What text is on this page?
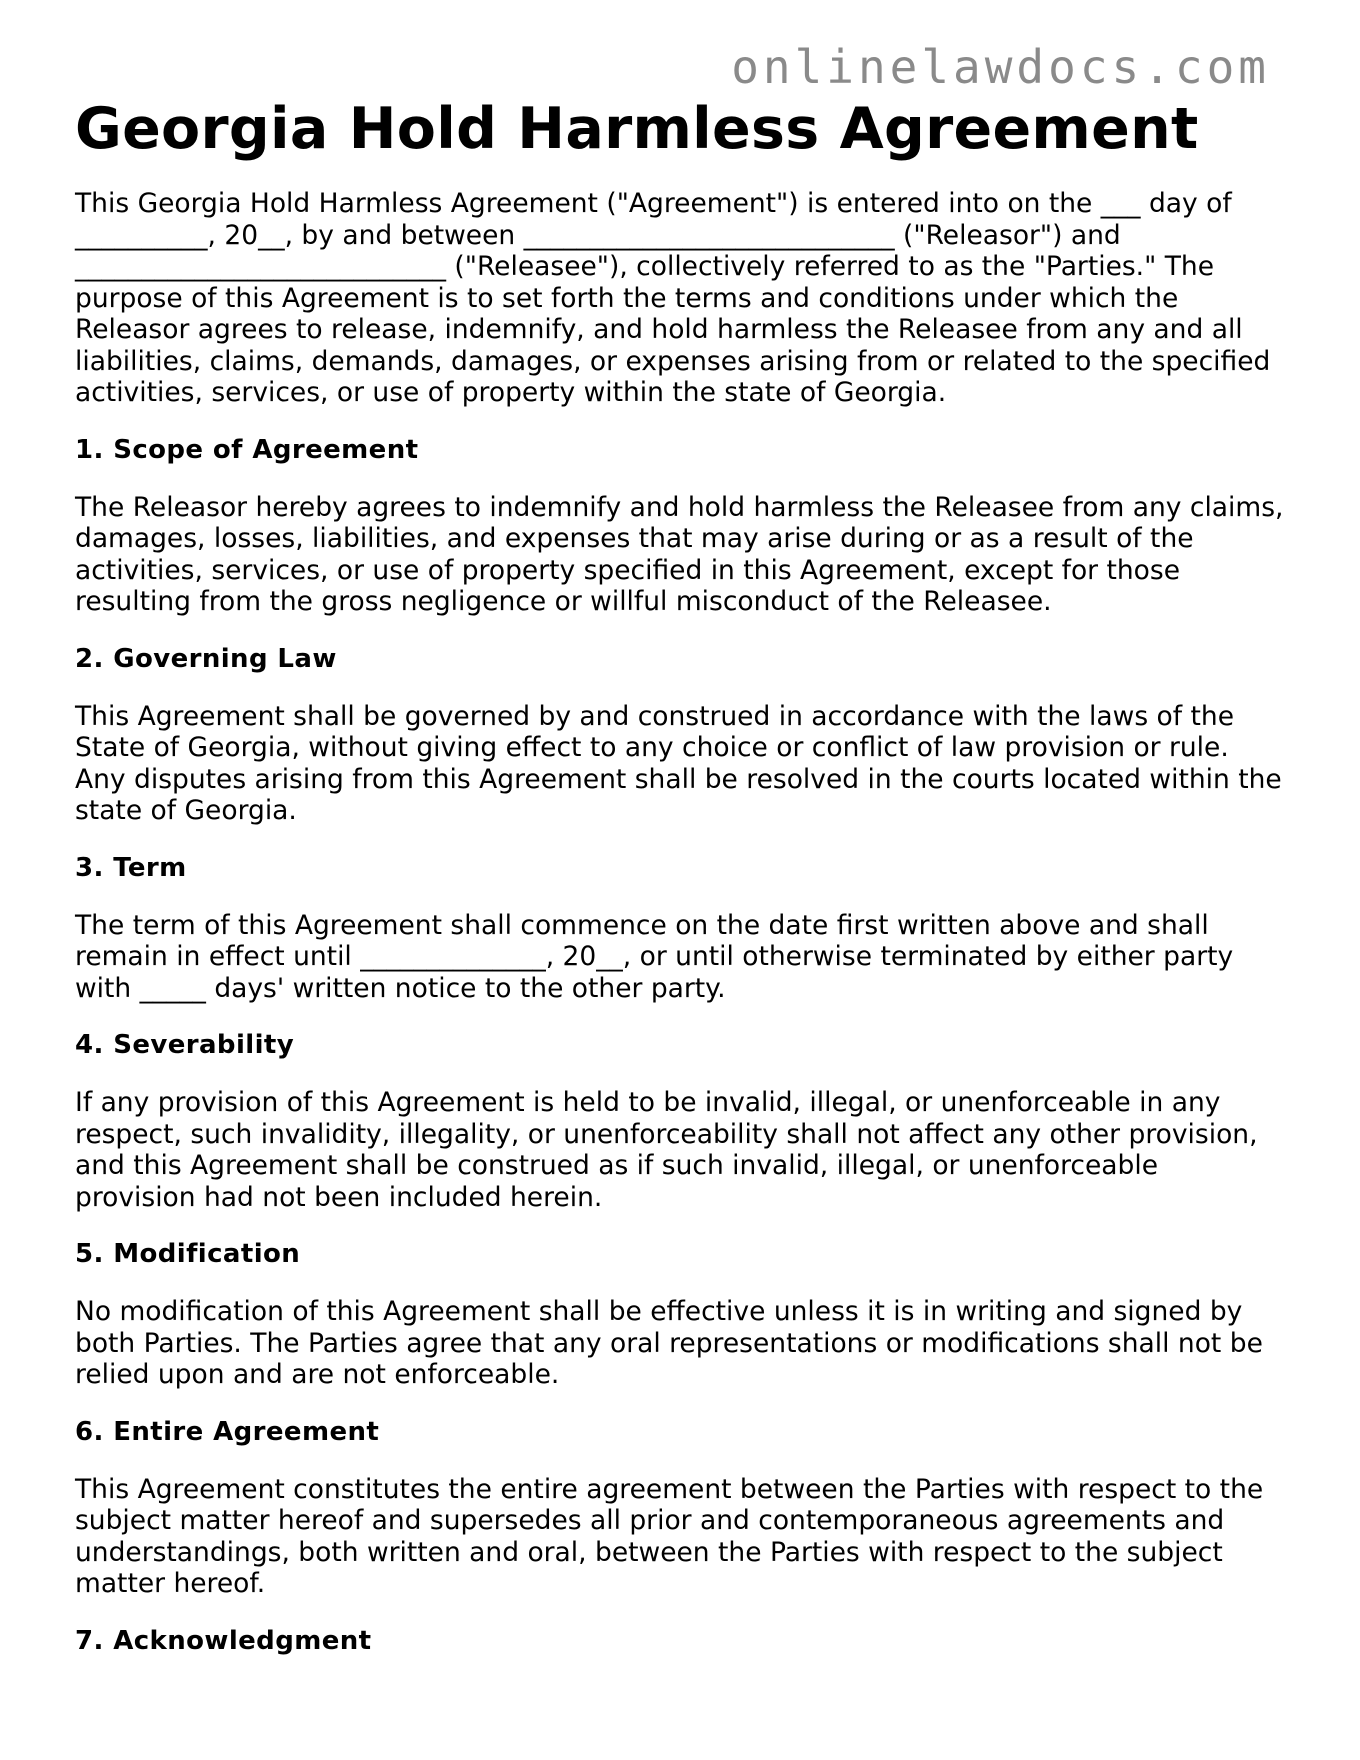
onlinelawdocs.com
Georgia Hold Harmless Agreement

This Georgia Hold Harmless Agreement ("Agreement") is entered into on the ___ day of __________, 20__, by and between ____________________________ ("Releasor") and ____________________________ ("Releasee"), collectively referred to as the "Parties." The purpose of this Agreement is to set forth the terms and conditions under which the Releasor agrees to release, indemnify, and hold harmless the Releasee from any and all liabilities, claims, demands, damages, or expenses arising from or related to the specified activities, services, or use of property within the state of Georgia.

1. Scope of Agreement

The Releasor hereby agrees to indemnify and hold harmless the Releasee from any claims, damages, losses, liabilities, and expenses that may arise during or as a result of the activities, services, or use of property specified in this Agreement, except for those resulting from the gross negligence or willful misconduct of the Releasee.

2. Governing Law

This Agreement shall be governed by and construed in accordance with the laws of the State of Georgia, without giving effect to any choice or conflict of law provision or rule. Any disputes arising from this Agreement shall be resolved in the courts located within the state of Georgia.

3. Term

The term of this Agreement shall commence on the date first written above and shall remain in effect until ______________, 20__, or until otherwise terminated by either party with _____ days' written notice to the other party.

4. Severability

If any provision of this Agreement is held to be invalid, illegal, or unenforceable in any respect, such invalidity, illegality, or unenforceability shall not affect any other provision, and this Agreement shall be construed as if such invalid, illegal, or unenforceable provision had not been included herein.

5. Modification

No modification of this Agreement shall be effective unless it is in writing and signed by both Parties. The Parties agree that any oral representations or modifications shall not be relied upon and are not enforceable.

6. Entire Agreement

This Agreement constitutes the entire agreement between the Parties with respect to the subject matter hereof and supersedes all prior and contemporaneous agreements and understandings, both written and oral, between the Parties with respect to the subject matter hereof.

7. Acknowledgment
